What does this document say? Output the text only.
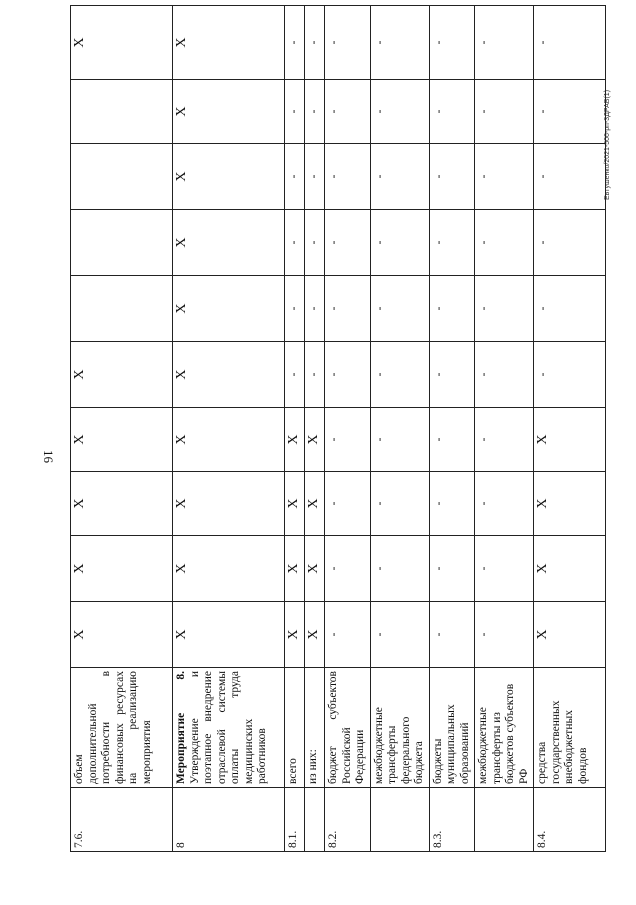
16
Евтушенко/2021-506-рп-3ДРАВ(1)
7.6.	объем дополнительной потребности в финансовых ресурсах на реализацию мероприятия	X	X	X	X	X					X
8	Мероприятие 8. Утверждение и поэтапное внедрение отраслевой системы оплаты труда медицинских работников	X	X	X	X	X	X	X	X	X	X
8.1.	всего	X	X	X	X	-	-	-	-	-	-
	из них:	X	X	X	X	-	-	-	-	-	-
8.2.	бюджет субъектов Российской Федерации	-	-	-	-	-	-	-	-	-	-
	межбюджетные трансферты федерального бюджета	-	-	-	-	-	-	-	-	-	-
8.3.	бюджеты муниципальных образований	-	-	-	-	-	-	-	-	-	-
	межбюджетные трансферты из бюджетов субъектов РФ	-	-	-	-	-	-	-	-	-	-
8.4.	средства государственных внебюджетных фондов	X	X	X	X	-	-	-	-	-	-
